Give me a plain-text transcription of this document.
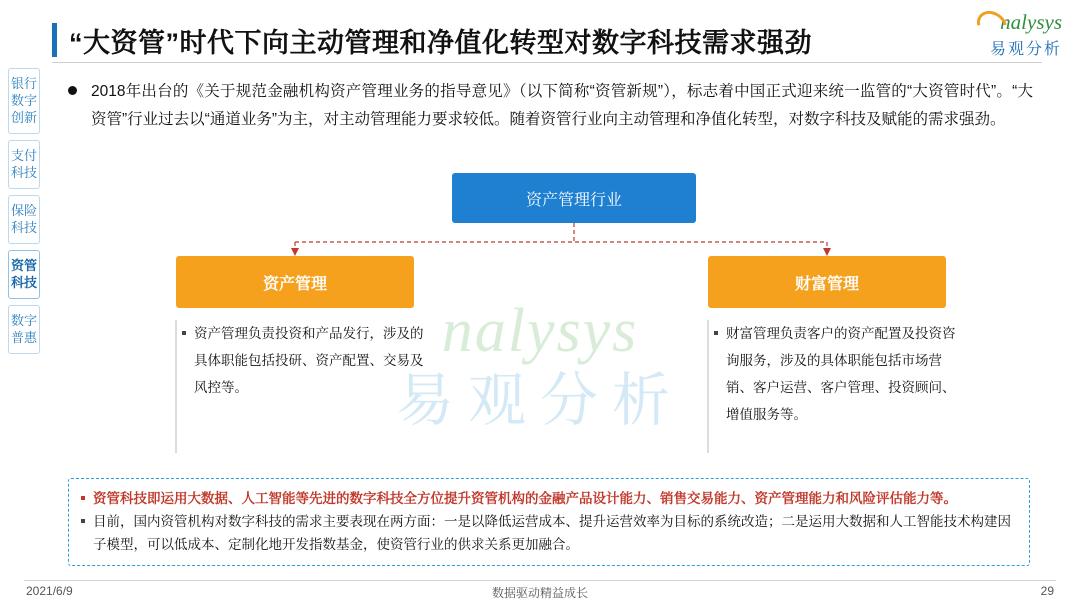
nalysys
易观分析
nalysys
易观分析
“大资管”时代下向主动管理和净值化转型对数字科技需求强劲
银行数字创新
支付科技
保险科技
资管科技
数字普惠
2018年出台的《关于规范金融机构资产管理业务的指导意见》（以下简称“资管新规”），标志着中国正式迎来统一监管的“大资管时代”。“大资管”行业过去以“通道业务”为主，对主动管理能力要求较低。随着资管行业向主动管理和净值化转型，对数字科技及赋能的需求强劲。
资产管理行业
资产管理	财富管理
资产管理负责投资和产品发行，涉及的具体职能包括投研、资产配置、交易及风控等。
财富管理负责客户的资产配置及投资咨询服务，涉及的具体职能包括市场营销、客户运营、客户管理、投资顾问、增值服务等。
资管科技即运用大数据、人工智能等先进的数字科技全方位提升资管机构的金融产品设计能力、销售交易能力、资产管理能力和风险评估能力等。
目前，国内资管机构对数字科技的需求主要表现在两方面：一是以降低运营成本、提升运营效率为目标的系统改造；二是运用大数据和人工智能技术构建因子模型，可以低成本、定制化地开发指数基金，使资管行业的供求关系更加融合。
2021/6/9	数据驱动精益成长	29
